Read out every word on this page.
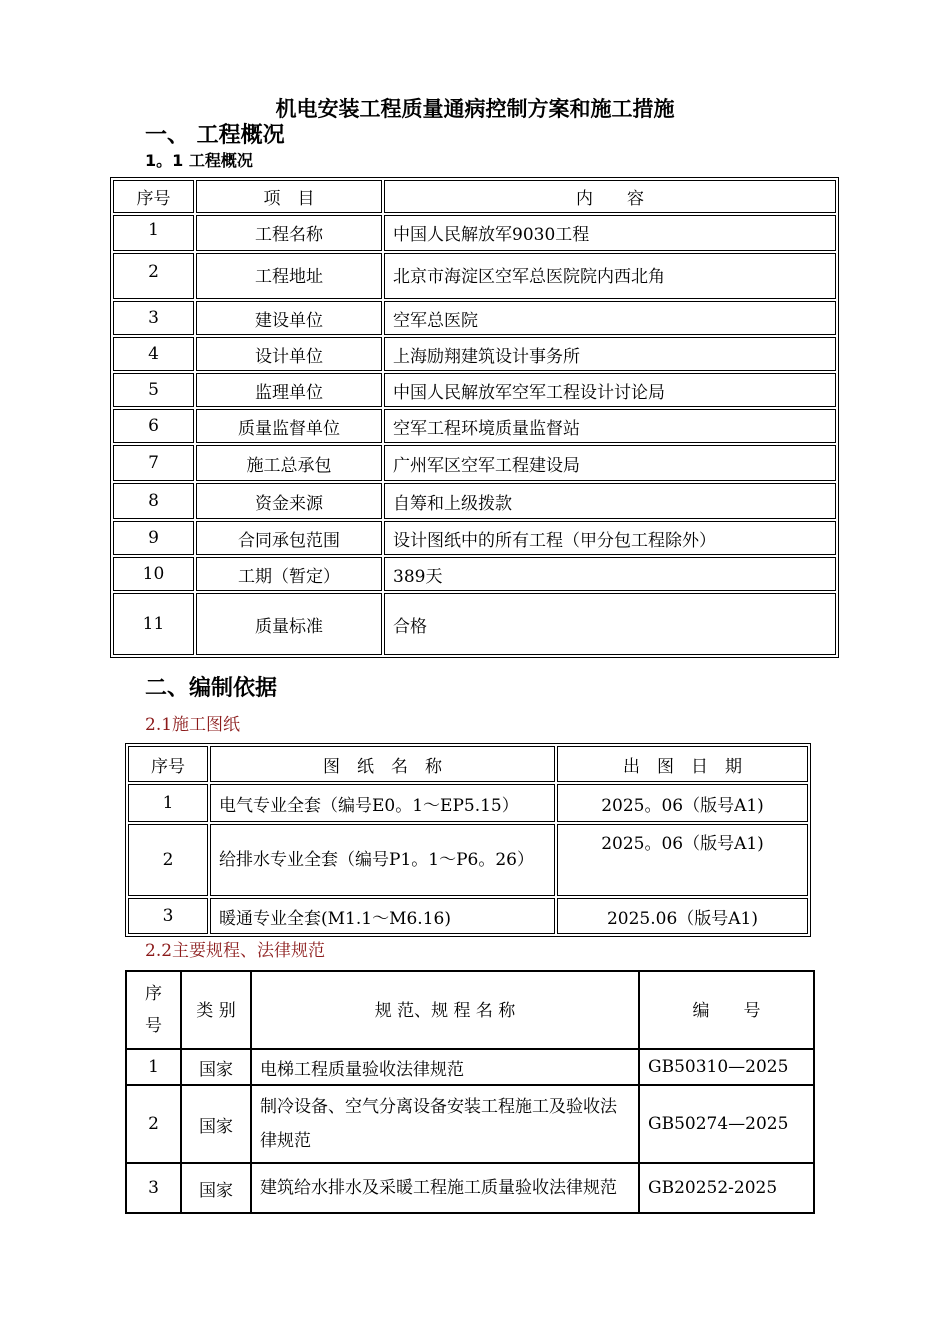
机电安装工程质量通病控制方案和施工措施
一、 工程概况
1。1 工程概况
序号	项　目	内　　容
1	工程名称	中国人民解放军9030工程
2	工程地址	北京市海淀区空军总医院院内西北角
3	建设单位	空军总医院
4	设计单位	上海励翔建筑设计事务所
5	监理单位	中国人民解放军空军工程设计讨论局
6	质量监督单位	空军工程环境质量监督站
7	施工总承包	广州军区空军工程建设局
8	资金来源	自筹和上级拨款
9	合同承包范围	设计图纸中的所有工程（甲分包工程除外）
10	工期（暂定）	389天
11	质量标准	合格
二、编制依据
2.1施工图纸
序号	图　纸　名　称	出　图　日　期
1	电气专业全套（编号E0。1～EP5.15）	2025。06（版号A1)
2	给排水专业全套（编号P1。1～P6。26）	2025。06（版号A1)
3	暖通专业全套(M1.1～M6.16)	2025.06（版号A1)
2.2主要规程、法律规范
序号	类 别	规 范、规 程 名 称	编　　号
1	国家	电梯工程质量验收法律规范	GB50310—2025
2	国家	制冷设备、空气分离设备安装工程施工及验收法律规范	GB50274—2025
3	国家	建筑给水排水及采暖工程施工质量验收法律规范	GB20252-2025
